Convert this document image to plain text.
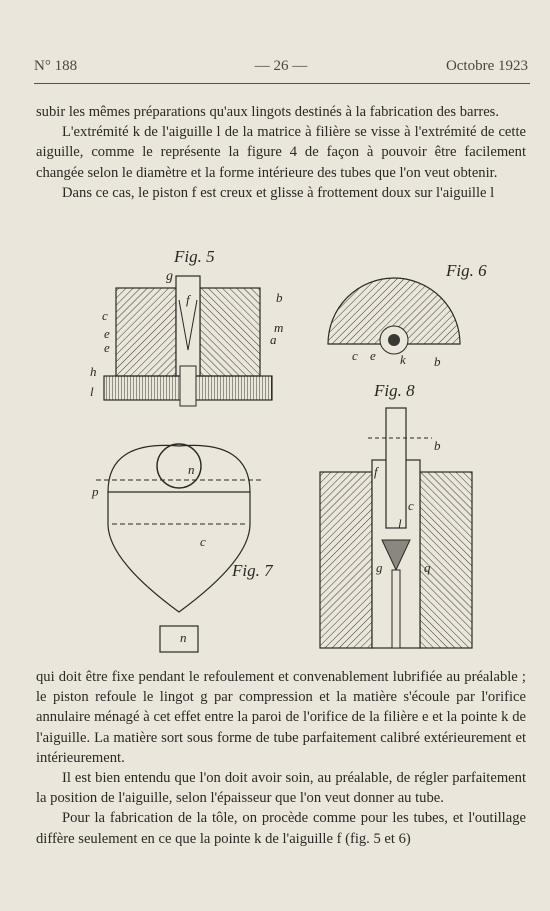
N° 188	— 26 —	Octobre 1923

subir les mêmes préparations qu'aux lingots destinés à la fabrication des barres.

L'extrémité k de l'aiguille l de la matrice à filière se visse à l'extrémité de cette aiguille, comme le représente la figure 4 de façon à pouvoir être facilement changée selon le diamètre et la forme intérieure des tubes que l'on veut obtenir.

Dans ce cas, le piston f est creux et glisse à frottement doux sur l'aiguille l

Fig. 5
g
f
c
b
m
e	a
e
h
l
Fig. 6
c e k b
Fig. 7
n
p
c
n
Fig. 8
b
f
c
l
g	q

qui doit être fixe pendant le refoulement et convenablement lubrifiée au préalable ; le piston refoule le lingot g par compression et la matière s'écoule par l'orifice annulaire ménagé à cet effet entre la paroi de l'orifice de la filière e et la pointe k de l'aiguille. La matière sort sous forme de tube parfaitement calibré extérieurement et intérieurement.

Il est bien entendu que l'on doit avoir soin, au préalable, de régler parfaitement la position de l'aiguille, selon l'épaisseur que l'on veut donner au tube.

Pour la fabrication de la tôle, on procède comme pour les tubes, et l'outillage diffère seulement en ce que la pointe k de l'aiguille f (fig. 5 et 6)
